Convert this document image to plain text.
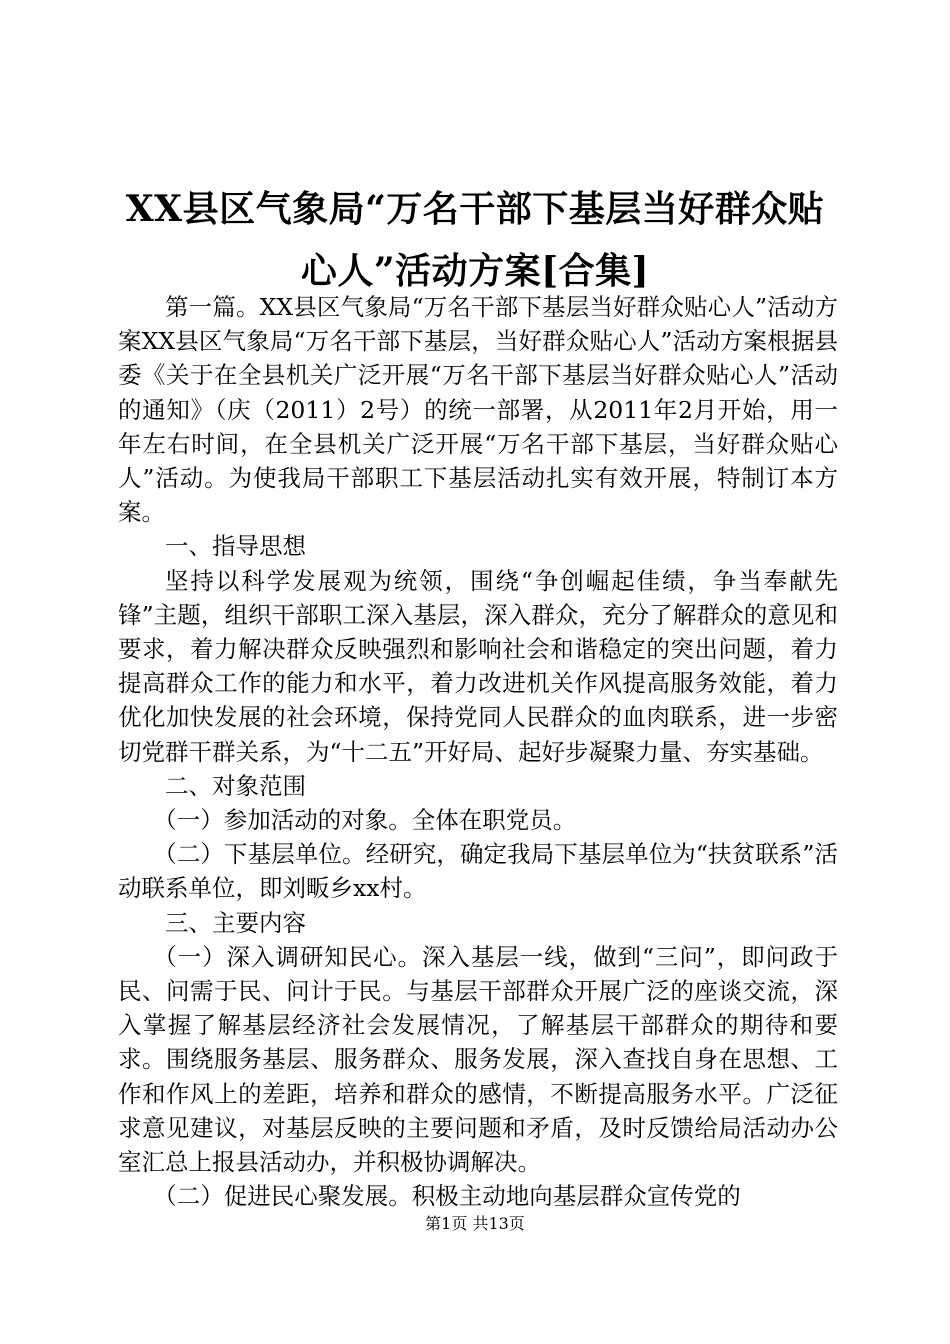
XX县区气象局“万名干部下基层当好群众贴
心人”活动方案[合集]

第一篇。XX县区气象局“万名干部下基层当好群众贴心人”活动方案XX县区气象局“万名干部下基层，当好群众贴心人”活动方案根据县委《关于在全县机关广泛开展“万名干部下基层当好群众贴心人”活动的通知》（庆（2011）2号）的统一部署，从2011年2月开始，用一年左右时间，在全县机关广泛开展“万名干部下基层，当好群众贴心人”活动。为使我局干部职工下基层活动扎实有效开展，特制订本方案。

一、指导思想

坚持以科学发展观为统领，围绕“争创崛起佳绩，争当奉献先锋”主题，组织干部职工深入基层，深入群众，充分了解群众的意见和要求，着力解决群众反映强烈和影响社会和谐稳定的突出问题，着力提高群众工作的能力和水平，着力改进机关作风提高服务效能，着力优化加快发展的社会环境，保持党同人民群众的血肉联系，进一步密切党群干群关系，为“十二五”开好局、起好步凝聚力量、夯实基础。

二、对象范围

（一）参加活动的对象。全体在职党员。

（二）下基层单位。经研究，确定我局下基层单位为“扶贫联系”活动联系单位，即刘畈乡xx村。

三、主要内容

（一）深入调研知民心。深入基层一线，做到“三问”，即问政于民、问需于民、问计于民。与基层干部群众开展广泛的座谈交流，深入掌握了解基层经济社会发展情况，了解基层干部群众的期待和要求。围绕服务基层、服务群众、服务发展，深入查找自身在思想、工作和作风上的差距，培养和群众的感情，不断提高服务水平。广泛征求意见建议，对基层反映的主要问题和矛盾，及时反馈给局活动办公室汇总上报县活动办，并积极协调解决。

（二）促进民心聚发展。积极主动地向基层群众宣传党的

第1页 共13页
